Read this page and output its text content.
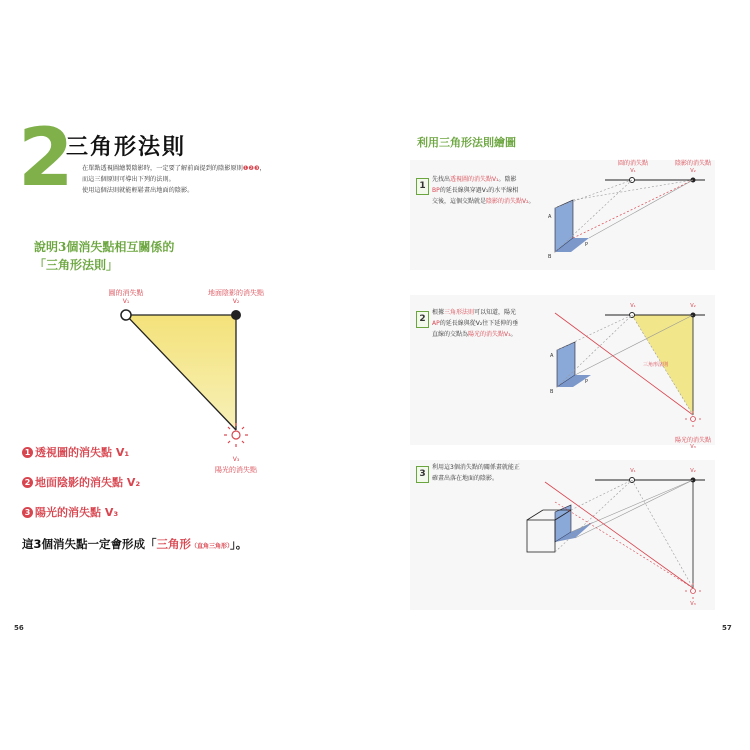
2
三角形法則
在單點透視圖繪製陰影時，一定要了解前面提到的陰影原則❶❷❸，
而這三個原則可導出下列的法則。
使用這個法則就能輕鬆畫出地面的陰影。
說明3個消失點相互關係的
「三角形法則」
圓的消失點
V₁
地面陰影的消失點
V₂
V₃
陽光的消失點
1 透視圖的消失點 V₁
2 地面陰影的消失點 V₂
3 陽光的消失點 V₃
這3個消失點一定會形成「三角形（直角三角形）」。
56
利用三角形法則繪圖
1
先找出透視圖的消失點V₁。陰影
BP的延長線與穿過V₁的水平線相
交後，這個交點就是陰影的消失點V₂。
A
B
P
圓的消失點
V₁
陰影的消失點
V₂
2
根據三角形法則可以知道，陽光
AP的延長線與從V₂往下延伸的垂
直線的交點為陽光的消失點V₃。
A
B
P
三角形法則
V₁	V₂
陽光的消失點
V₃
3
利用這3個消失點的關係畫就能正
確畫出落在地面的陰影。
V₁	V₂
V₃
57
